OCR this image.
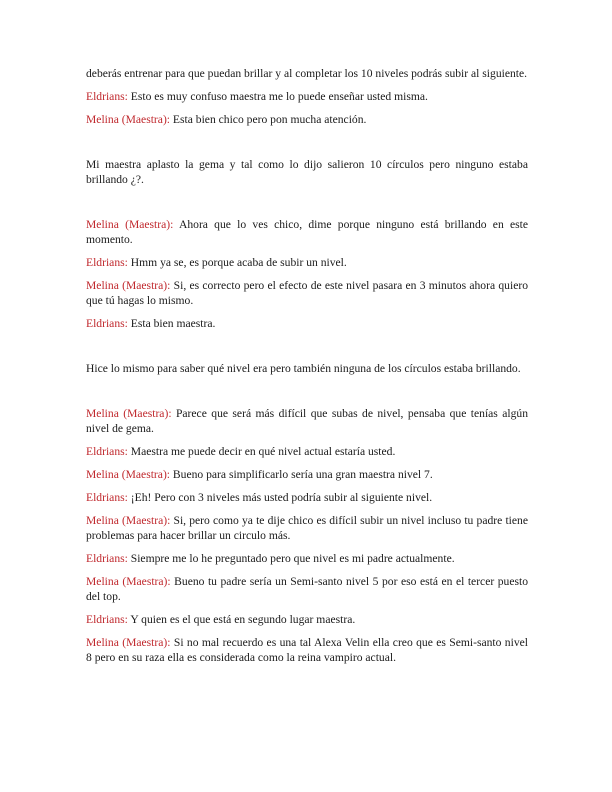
deberás entrenar para que puedan brillar y al completar los 10 niveles podrás subir al siguiente.

Eldrians: Esto es muy confuso maestra me lo puede enseñar usted misma.

Melina (Maestra): Esta bien chico pero pon mucha atención.

Mi maestra aplasto la gema y tal como lo dijo salieron 10 círculos pero ninguno estaba brillando ¿?.

Melina (Maestra): Ahora que lo ves chico, dime porque ninguno está brillando en este momento.

Eldrians: Hmm ya se, es porque acaba de subir un nivel.

Melina (Maestra): Si, es correcto pero el efecto de este nivel pasara en 3 minutos ahora quiero que tú hagas lo mismo.

Eldrians: Esta bien maestra.

Hice lo mismo para saber qué nivel era pero también ninguna de los círculos estaba brillando.

Melina (Maestra): Parece que será más difícil que subas de nivel, pensaba que tenías algún nivel de gema.

Eldrians: Maestra me puede decir en qué nivel actual estaría usted.

Melina (Maestra): Bueno para simplificarlo sería una gran maestra nivel 7.

Eldrians: ¡Eh! Pero con 3 niveles más usted podría subir al siguiente nivel.

Melina (Maestra): Si, pero como ya te dije chico es difícil subir un nivel incluso tu padre tiene problemas para hacer brillar un circulo más.

Eldrians: Siempre me lo he preguntado pero que nivel es mi padre actualmente.

Melina (Maestra): Bueno tu padre sería un Semi-santo nivel 5 por eso está en el tercer puesto del top.

Eldrians: Y quien es el que está en segundo lugar maestra.

Melina (Maestra): Si no mal recuerdo es una tal Alexa Velin ella creo que es Semi-santo nivel 8 pero en su raza ella es considerada como la reina vampiro actual.
